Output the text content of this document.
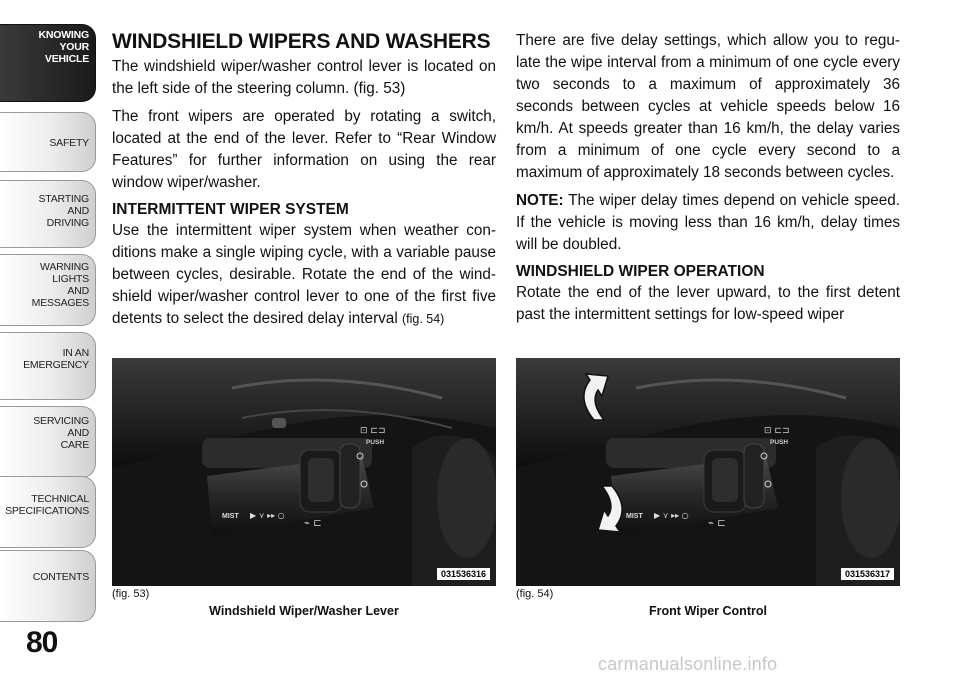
KNOWING
YOUR
VEHICLE
SAFETY
STARTING
AND
DRIVING
WARNING
LIGHTS
AND
MESSAGES
IN AN
EMERGENCY
SERVICING
AND
CARE
TECHNICAL
SPECIFICATIONS
CONTENTS
80
WINDSHIELD WIPERS AND WASHERS

The windshield wiper/washer control lever is located on the left side of the steering column. (fig. 53)

The front wipers are operated by rotating a switch, located at the end of the lever. Refer to “Rear Window Features” for further information on using the rear window wiper/washer.

INTERMITTENT WIPER SYSTEM

Use the intermittent wiper system when weather con-ditions make a single wiping cycle, with a variable pause between cycles, desirable. Rotate the end of the wind-shield wiper/washer control lever to one of the first five detents to select the desired delay interval (fig. 54)

There are five delay settings, which allow you to regu-late the wipe interval from a minimum of one cycle every two seconds to a maximum of approximately 36 seconds between cycles at vehicle speeds below 16 km/h. At speeds greater than 16 km/h, the delay varies from a minimum of one cycle every second to a maximum of approximately 18 seconds between cycles.

NOTE: The wiper delay times depend on vehicle speed. If the vehicle is moving less than 16 km/h, delay times will be doubled.

WINDSHIELD WIPER OPERATION

Rotate the end of the lever upward, to the first detent past the intermittent settings for low-speed wiper

MIST ▶ ⋎ ▸▸ ○
⌁ ⊏
⊡ ⊏⊐
PUSH
031536316
(fig. 53)
Windshield Wiper/Washer Lever
MIST ▶ ⋎ ▸▸ ○
⌁ ⊏
⊡ ⊏⊐
PUSH
031536317
(fig. 54)
Front Wiper Control
carmanualsonline.info
